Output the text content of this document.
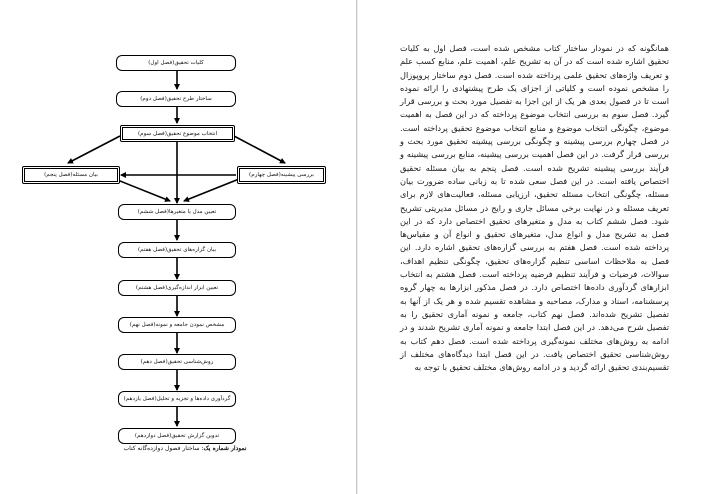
کلیات تحقیق(فصل اول)
ساختار طرح تحقیق(فصل دوم)
انتخاب موضوع تحقیق(فصل سوم)
بیان مسئله(فصل پنجم)	بررسی پیشینه(فصل چهارم)
تعیین مدل یا متغیرها(فصل ششم)
بیان گزاره‌های تحقیق(فصل هفتم)
تعیین ابزار اندازه‌گیری(فصل هشتم)
مشخص نمودن جامعه و نمونه(فصل نهم)
روش‌شناسی تحقیق(فصل دهم)
گردآوری داده‌ها و تجزیه و تحلیل(فصل یازدهم)
تدوین گزارش تحقیق(فصل دوازدهم)
نمودار شماره یک: ساختار فصول دوازده‌گانه کتاب
همانگونه که در نمودار ساختار کتاب مشخص شده است، فصل اول به کلیات تحقیق اشاره شده است که در آن به تشریح علم، اهمیت علم، منابع کسب علم و تعریف واژه‌های تحقیق علمی پرداخته شده است. فصل دوم ساختار پروپوزال را مشخص نموده است و کلیاتی از اجزای یک طرح پیشنهادی را ارائه نموده است تا در فصول بعدی هر یک از این اجزا به تفصیل مورد بحث و بررسی قرار گیرد. فصل سوم به بررسی انتخاب موضوع پرداخته که در این فصل به اهمیت موضوع، چگونگی انتخاب موضوع و منابع انتخاب موضوع تحقیق پرداخته است. در فصل چهارم بررسی پیشینه و چگونگی بررسی پیشینه تحقیق مورد بحث و بررسی قرار گرفت. در این فصل اهمیت بررسی پیشینه، منابع بررسی پیشینه و فرآیند بررسی پیشینه تشریح شده است. فصل پنجم به بیان مسئله تحقیق اختصاص یافته است. در این فصل سعی شده تا به زبانی ساده ضرورت بیان مسئله، چگونگی انتخاب مسئله تحقیق، ارزیابی مسئله، فعالیت‌های لازم برای تعریف مسئله و در نهایت برخی مسائل جاری و رایج در مسائل مدیریتی تشریح شود. فصل ششم کتاب به مدل و متغیرهای تحقیق اختصاص دارد که در این فصل به تشریح مدل و انواع مدل، متغیرهای تحقیق و انواع آن و مقیاس‌ها پرداخته شده است. فصل هفتم به بررسی گزاره‌های تحقیق اشاره دارد. این فصل به ملاحظات اساسی تنظیم گزاره‌های تحقیق، چگونگی تنظیم اهداف، سوالات، فرضیات و فرآیند تنظیم فرضیه پرداخته است. فصل هشتم به انتخاب ابزارهای گردآوری داده‌ها اختصاص دارد. در فصل مذکور ابزارها به چهار گروه پرسشنامه، اسناد و مدارک، مصاحبه و مشاهده تقسیم شده و هر یک از آنها به تفصیل تشریح شده‌اند. فصل نهم کتاب، جامعه و نمونه آماری تحقیق را به تفصیل شرح می‌دهد. در این فصل ابتدا جامعه و نمونه آماری تشریح شدند و در ادامه به روش‌های مختلف نمونه‌گیری پرداخته شده است. فصل دهم کتاب به روش‌شناسی تحقیق اختصاص یافت. در این فصل ابتدا دیدگاه‌های مختلف از تقسیم‌بندی تحقیق ارائه گردید و در ادامه روش‌های مختلف تحقیق با توجه به
